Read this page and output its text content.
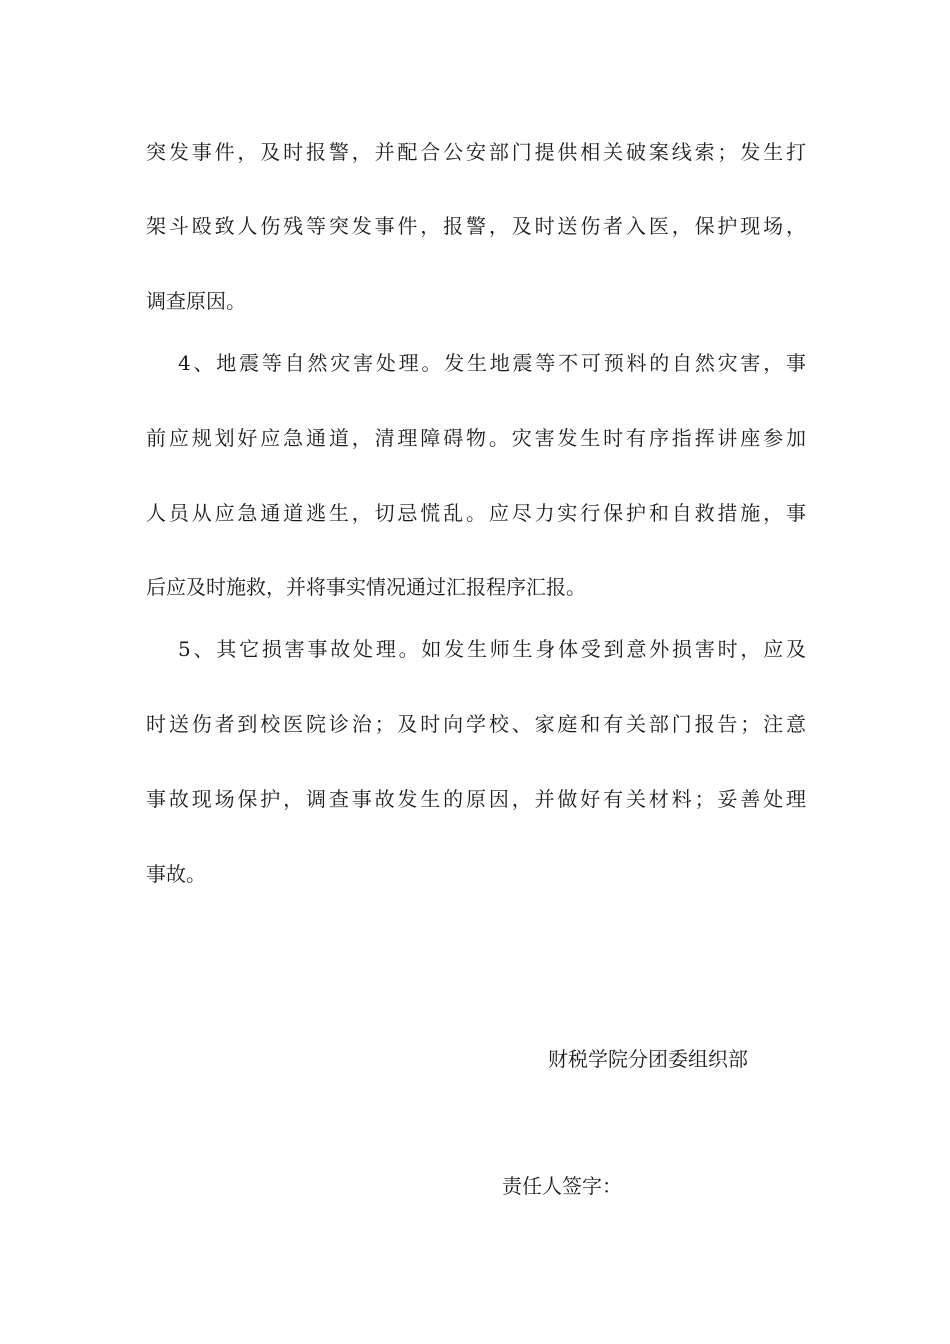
突发事件，及时报警，并配合公安部门提供相关破案线索；发生打
架斗殴致人伤残等突发事件，报警，及时送伤者入医，保护现场，
调查原因。
4、地震等自然灾害处理。发生地震等不可预料的自然灾害，事
前应规划好应急通道，清理障碍物。灾害发生时有序指挥讲座参加
人员从应急通道逃生，切忌慌乱。应尽力实行保护和自救措施，事
后应及时施救，并将事实情况通过汇报程序汇报。
5、其它损害事故处理。如发生师生身体受到意外损害时，应及
时送伤者到校医院诊治；及时向学校、家庭和有关部门报告；注意
事故现场保护，调查事故发生的原因，并做好有关材料；妥善处理
事故。
财税学院分团委组织部
责任人签字：
